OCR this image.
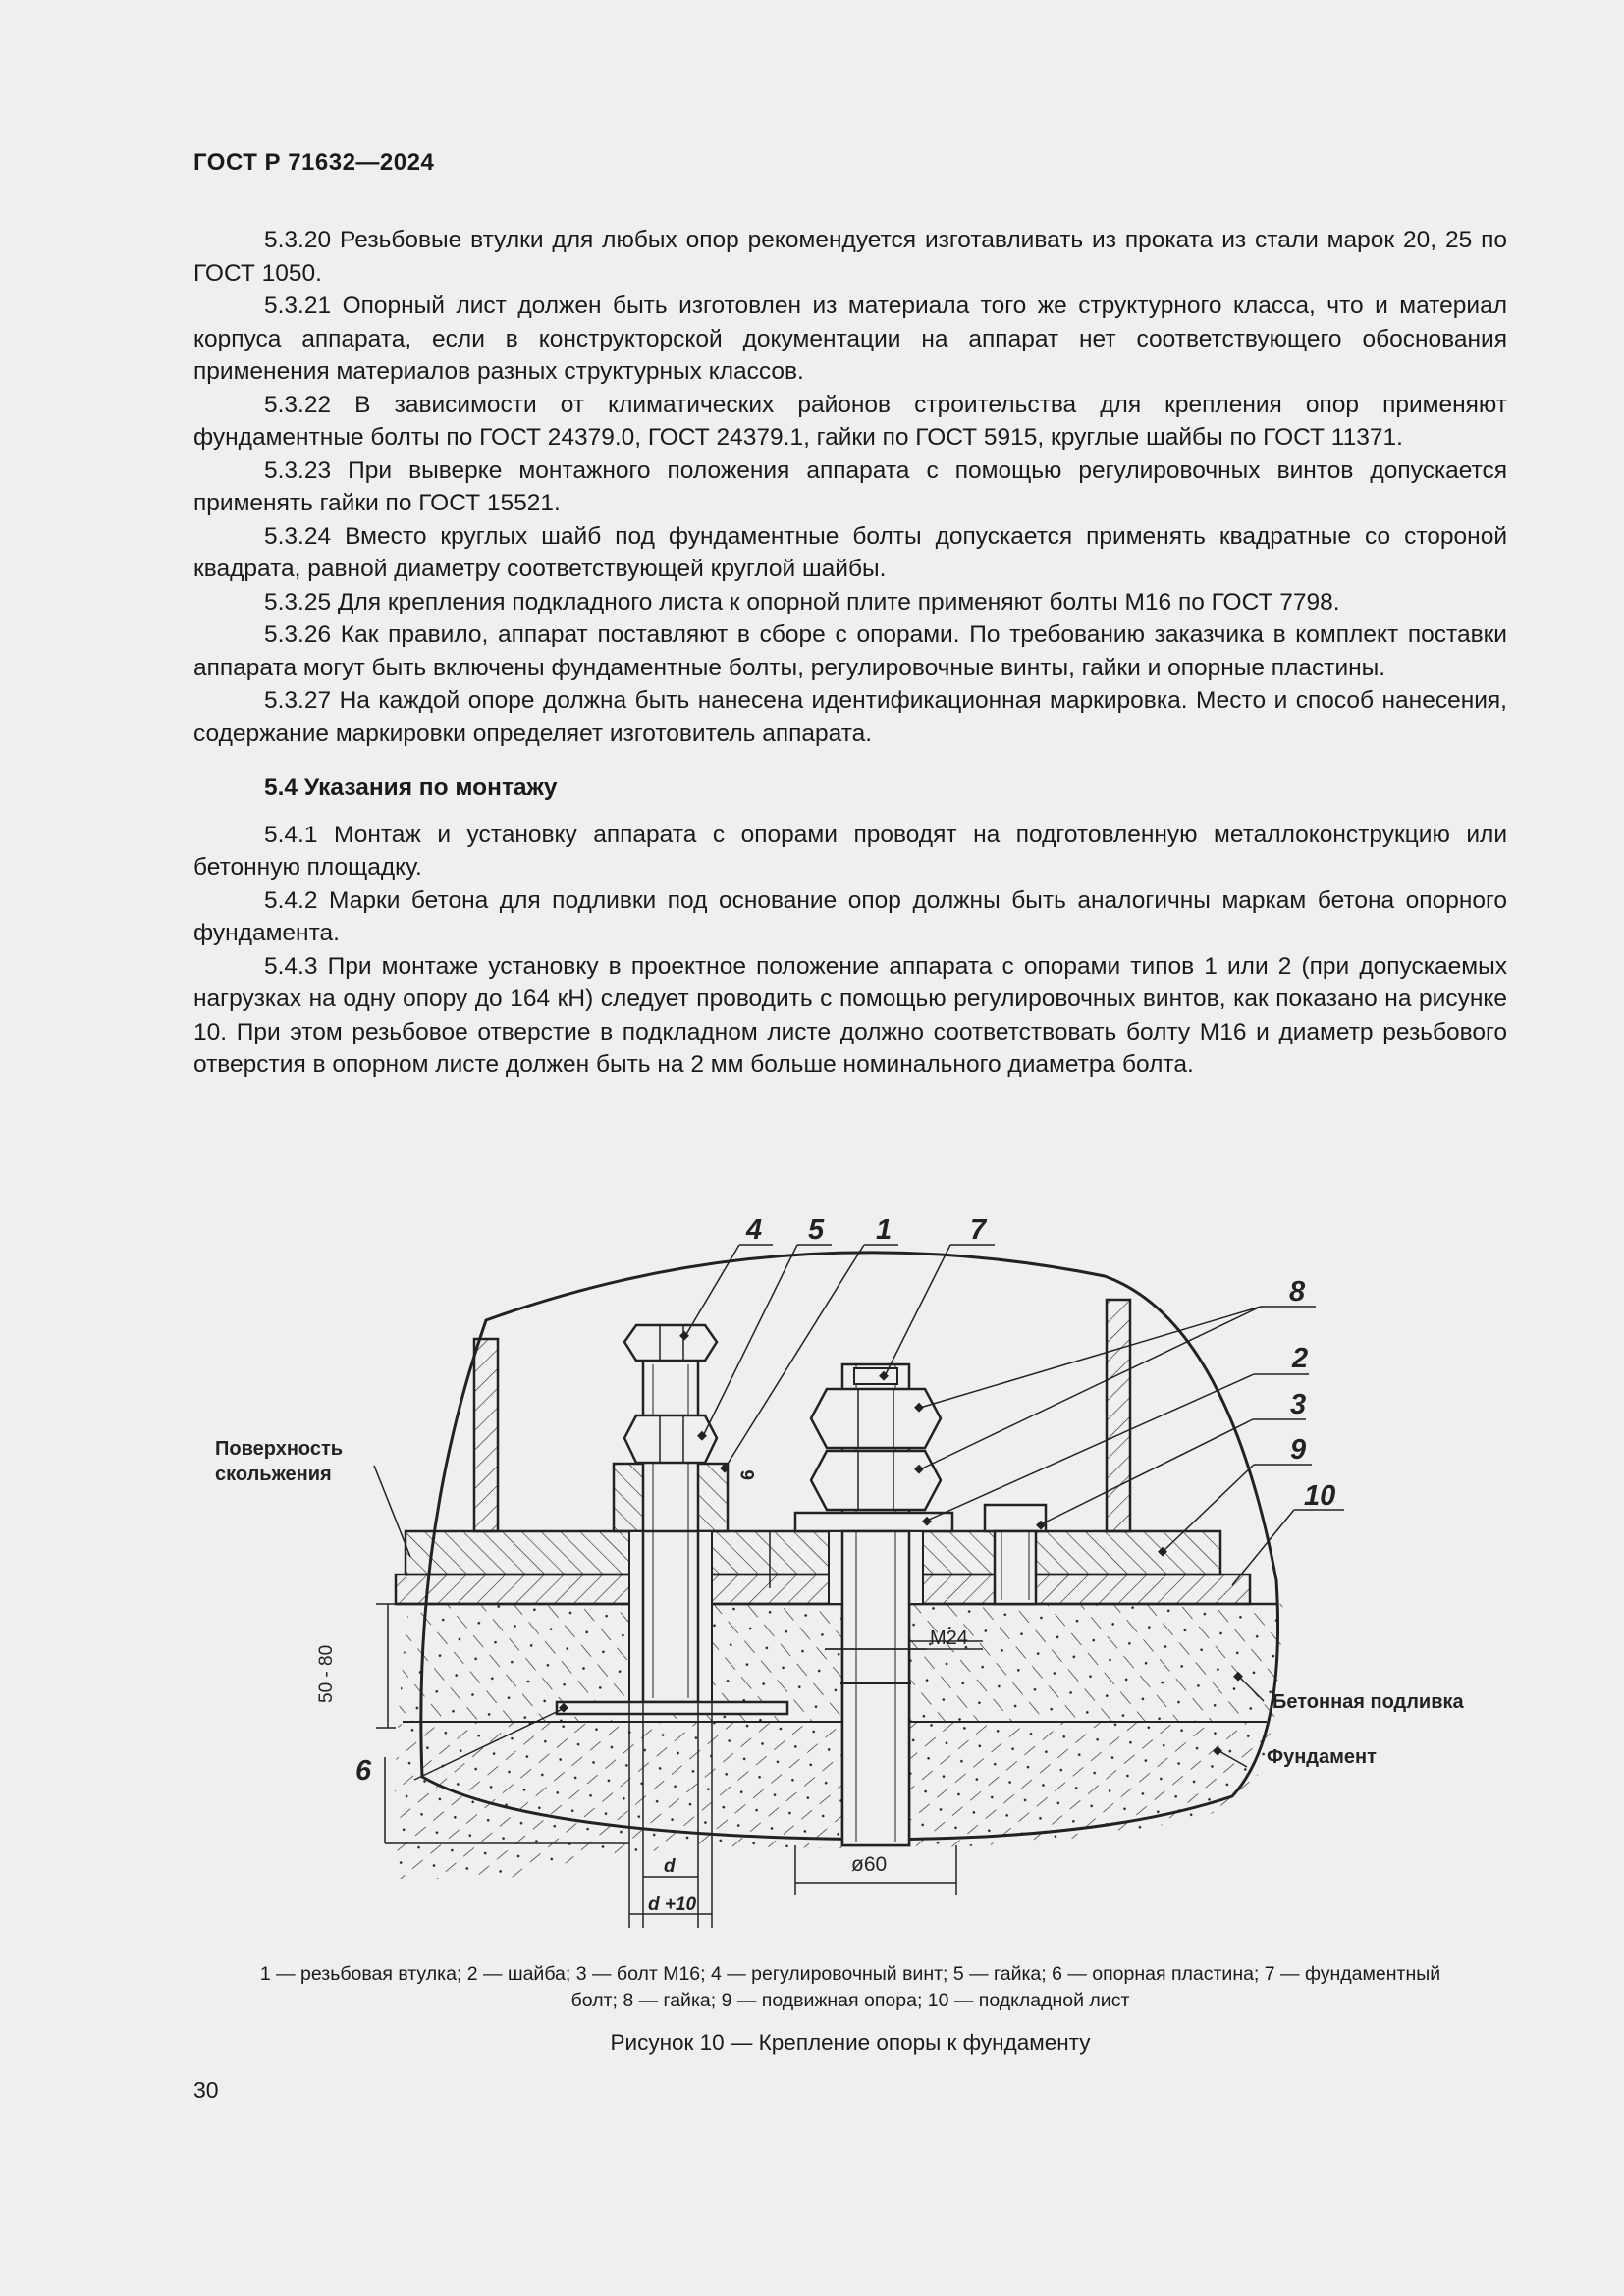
ГОСТ Р 71632—2024

5.3.20 Резьбовые втулки для любых опор рекомендуется изготавливать из проката из стали марок 20, 25 по ГОСТ 1050.

5.3.21 Опорный лист должен быть изготовлен из материала того же структурного класса, что и материал корпуса аппарата, если в конструкторской документации на аппарат нет соответствующего обоснования применения материалов разных структурных классов.

5.3.22 В зависимости от климатических районов строительства для крепления опор применяют фундаментные болты по ГОСТ 24379.0, ГОСТ 24379.1, гайки по ГОСТ 5915, круглые шайбы по ГОСТ 11371.

5.3.23 При выверке монтажного положения аппарата с помощью регулировочных винтов допускается применять гайки по ГОСТ 15521.

5.3.24 Вместо круглых шайб под фундаментные болты допускается применять квадратные со стороной квадрата, равной диаметру соответствующей круглой шайбы.

5.3.25 Для крепления подкладного листа к опорной плите применяют болты М16 по ГОСТ 7798.

5.3.26 Как правило, аппарат поставляют в сборе с опорами. По требованию заказчика в комплект поставки аппарата могут быть включены фундаментные болты, регулировочные винты, гайки и опорные пластины.

5.3.27 На каждой опоре должна быть нанесена идентификационная маркировка. Место и способ нанесения, содержание маркировки определяет изготовитель аппарата.

5.4 Указания по монтажу

5.4.1 Монтаж и установку аппарата с опорами проводят на подготовленную металлоконструкцию или бетонную площадку.

5.4.2 Марки бетона для подливки под основание опор должны быть аналогичны маркам бетона опорного фундамента.

5.4.3 При монтаже установку в проектное положение аппарата с опорами типов 1 или 2 (при допускаемых нагрузках на одну опору до 164 кН) следует проводить с помощью регулировочных винтов, как показано на рисунке 10. При этом резьбовое отверстие в подкладном листе должно соответствовать болту М16 и диаметр резьбового отверстия в опорном листе должен быть на 2 мм больше номинального диаметра болта.

4 5 1	7
8
2
3
9
10
6
Поверхность
скольжения
Бетонная подливка
Фундамент
М24
6
50 - 80
d
d +10
ø60
1 — резьбовая втулка; 2 — шайба; 3 — болт М16; 4 — регулировочный винт; 5 — гайка; 6 — опорная пластина; 7 — фундаментный
болт; 8 — гайка; 9 — подвижная опора; 10 — подкладной лист
Рисунок 10 — Крепление опоры к фундаменту
30
